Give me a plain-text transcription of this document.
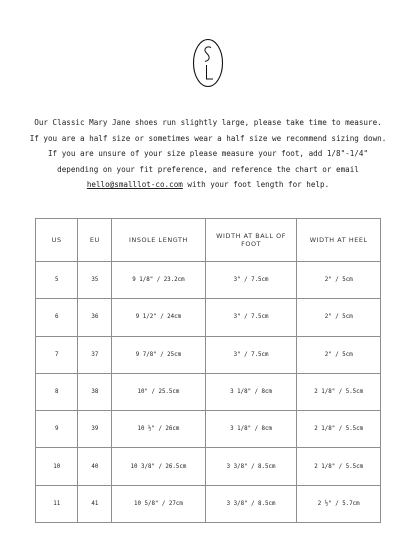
Our Classic Mary Jane shoes run slightly large, please take time to measure.

If you are a half size or sometimes wear a half size we recommend sizing down.

If you are unsure of your size please measure your foot, add 1/8"-1/4"

depending on your fit preference, and reference the chart or email

hello@smalllot-co.com with your foot length for help.

US	EU	INSOLE LENGTH	WIDTH AT BALL OF FOOT	WIDTH AT HEEL
5	35	9 1/8" / 23.2cm	3" / 7.5cm	2" / 5cm
6	36	9 1/2" / 24cm	3" / 7.5cm	2" / 5cm
7	37	9 7/8" / 25cm	3" / 7.5cm	2" / 5cm
8	38	10" / 25.5cm	3 1/8" / 8cm	2 1/8" / 5.5cm
9	39	10 ½" / 26cm	3 1/8" / 8cm	2 1/8" / 5.5cm
10	40	10 3/8" / 26.5cm	3 3/8" / 8.5cm	2 1/8" / 5.5cm
11	41	10 5/8" / 27cm	3 3/8" / 8.5cm	2 ½" / 5.7cm
